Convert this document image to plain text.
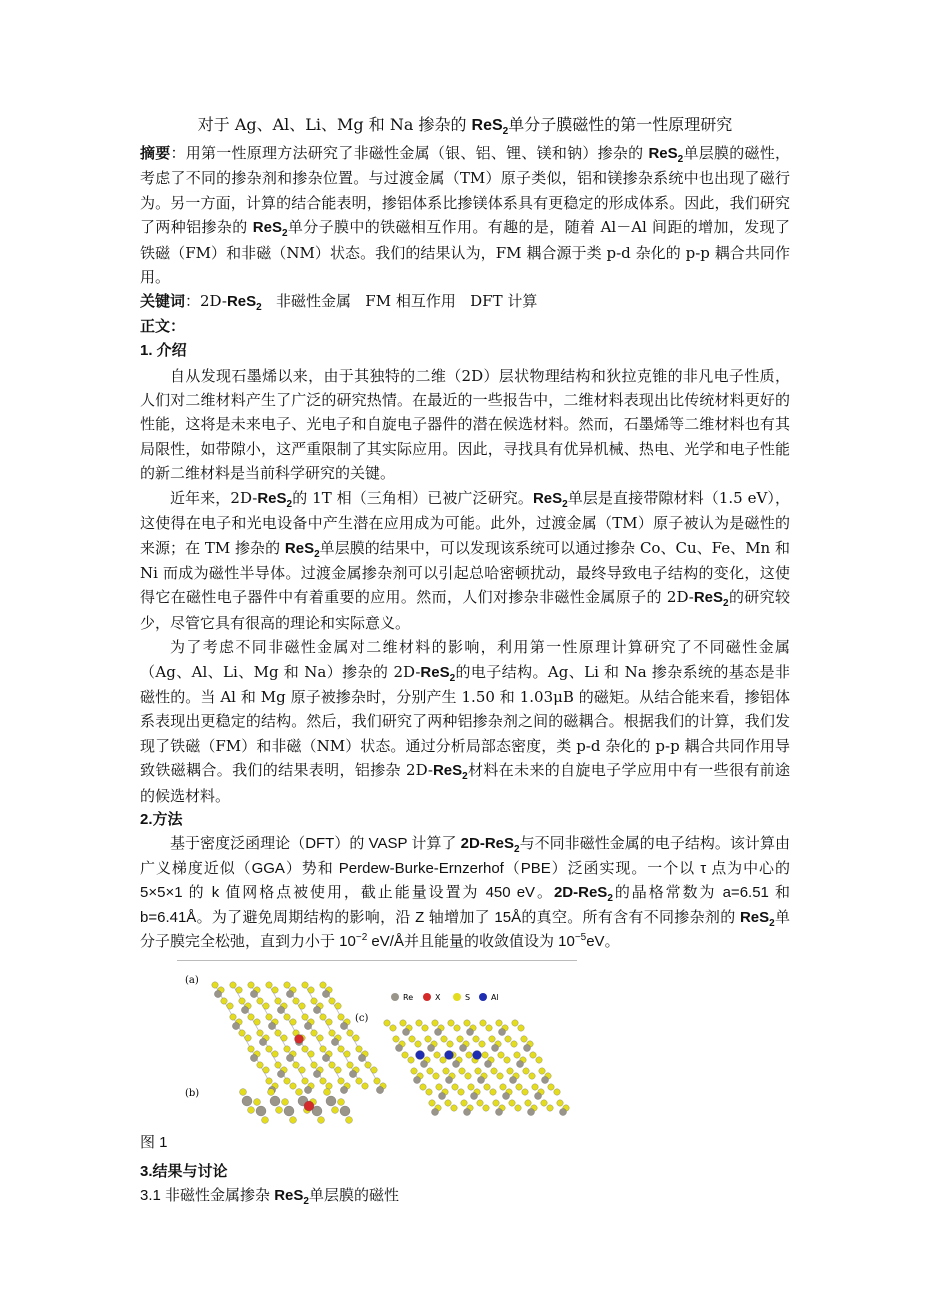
对于 Ag、Al、Li、Mg 和 Na 掺杂的 ReS$_2$单分子膜磁性的第一性原理研究

摘要：用第一性原理方法研究了非磁性金属（银、铝、锂、镁和钠）掺杂的 ReS$_2$单层膜的磁性，考虑了不同的掺杂剂和掺杂位置。与过渡金属（TM）原子类似，铝和镁掺杂系统中也出现了磁行为。另一方面，计算的结合能表明，掺铝体系比掺镁体系具有更稳定的形成体系。因此，我们研究了两种铝掺杂的 ReS$_2$单分子膜中的铁磁相互作用。有趣的是，随着 Al－Al 间距的增加，发现了铁磁（FM）和非磁（NM）状态。我们的结果认为，FM 耦合源于类 p-d 杂化的 p-p 耦合共同作用。

关键词：2D-ReS$_2$   非磁性金属   FM 相互作用   DFT 计算

正文：

1. 介绍

自从发现石墨烯以来，由于其独特的二维（2D）层状物理结构和狄拉克锥的非凡电子性质，人们对二维材料产生了广泛的研究热情。在最近的一些报告中，二维材料表现出比传统材料更好的性能，这将是未来电子、光电子和自旋电子器件的潜在候选材料。然而，石墨烯等二维材料也有其局限性，如带隙小，这严重限制了其实际应用。因此，寻找具有优异机械、热电、光学和电子性能的新二维材料是当前科学研究的关键。

近年来，2D-ReS$_2$的 1T 相（三角相）已被广泛研究。ReS$_2$单层是直接带隙材料（1.5 eV），这使得在电子和光电设备中产生潜在应用成为可能。此外，过渡金属（TM）原子被认为是磁性的来源；在 TM 掺杂的 ReS$_2$单层膜的结果中，可以发现该系统可以通过掺杂 Co、Cu、Fe、Mn 和 Ni 而成为磁性半导体。过渡金属掺杂剂可以引起总哈密顿扰动，最终导致电子结构的变化，这使得它在磁性电子器件中有着重要的应用。然而，人们对掺杂非磁性金属原子的 2D-ReS$_2$的研究较少，尽管它具有很高的理论和实际意义。

为了考虑不同非磁性金属对二维材料的影响，利用第一性原理计算研究了不同磁性金属（Ag、Al、Li、Mg 和 Na）掺杂的 2D-ReS$_2$的电子结构。Ag、Li 和 Na 掺杂系统的基态是非磁性的。当 Al 和 Mg 原子被掺杂时，分别产生 1.50 和 1.03μB 的磁矩。从结合能来看，掺铝体系表现出更稳定的结构。然后，我们研究了两种铝掺杂剂之间的磁耦合。根据我们的计算，我们发现了铁磁（FM）和非磁（NM）状态。通过分析局部态密度，类 p-d 杂化的 p-p 耦合共同作用导致铁磁耦合。我们的结果表明，铝掺杂 2D-ReS$_2$材料在未来的自旋电子学应用中有一些很有前途的候选材料。

2.方法

基于密度泛函理论（DFT）的 VASP 计算了 2D-ReS$_2$与不同非磁性金属的电子结构。该计算由广义梯度近似（GGA）势和 Perdew-Burke-Ernzerhof（PBE）泛函实现。一个以 τ 点为中心的 5×5×1 的 k 值网格点被使用，截止能量设置为 450 eV。2D-ReS$_2$的晶格常数为 a=6.51 和 b=6.41Å。为了避免周期结构的影响，沿 Z 轴增加了 15Å的真空。所有含有不同掺杂剂的 ReS$_2$单分子膜完全松弛，直到力小于 $10^{-2}$ eV/Å并且能量的收敛值设为 $10^{-5}eV$。

(a)
(b)
(c)
Re	X	S	Al

图 1

3.结果与讨论

3.1 非磁性金属掺杂 ReS$_2$单层膜的磁性
